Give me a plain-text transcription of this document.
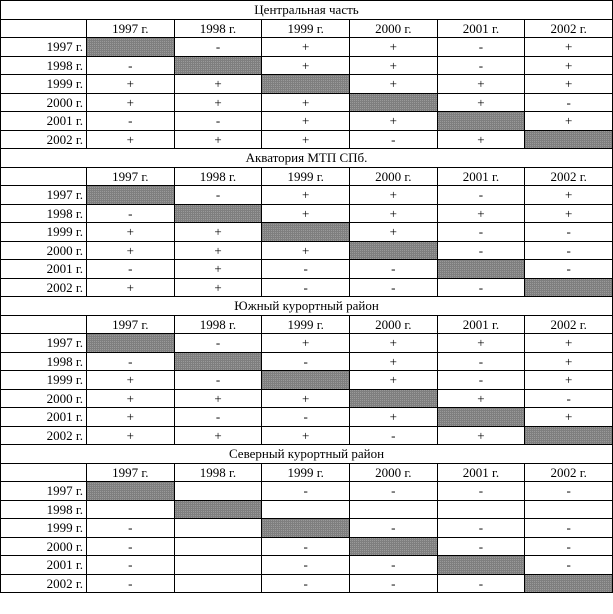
Центральная часть						
	1997 г.	1998 г.	1999 г.	2000 г.	2001 г.	2002 г.
1997 г.		-	+	+	-	+
1998 г.	-		+	+	-	+
1999 г.	+	+		+	+	+
2000 г.	+	+	+		+	-
2001 г.	-	-	+	+		+
2002 г.	+	+	+	-	+	
Акватория МТП СПб.						
	1997 г.	1998 г.	1999 г.	2000 г.	2001 г.	2002 г.
1997 г.		-	+	+	-	+
1998 г.	-		+	+	+	+
1999 г.	+	+		+	-	-
2000 г.	+	+	+		-	-
2001 г.	-	+	-	-		-
2002 г.	+	+	-	-	-	
Южный курортный район						
	1997 г.	1998 г.	1999 г.	2000 г.	2001 г.	2002 г.
1997 г.		-	+	+	+	+
1998 г.	-		-	+	-	+
1999 г.	+	-		+	-	+
2000 г.	+	+	+		+	-
2001 г.	+	-	-	+		+
2002 г.	+	+	+	-	+	
Северный курортный район						
	1997 г.	1998 г.	1999 г.	2000 г.	2001 г.	2002 г.
1997 г.			-	-	-	-
1998 г.						
1999 г.	-			-	-	-
2000 г.	-		-		-	-
2001 г.	-		-	-		-
2002 г.	-		-	-	-	
